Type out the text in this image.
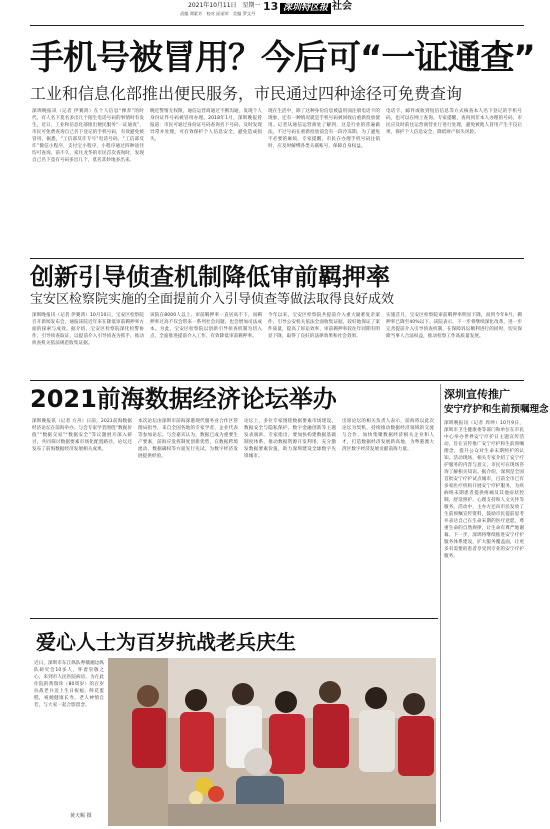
2021年10月11日　星期一
责编 谭素芳　校对 邱丽荣　美编 罗文丹
13 深圳特区报 社会
手机号被冒用？今后可“一证通查”
工业和信息化部推出便民服务，市民通过四种途径可免费查询
深圳晚报讯（记者 伊赛鸿）在个人信息“裸奔”的时代，有人名下莫名多出几个陌生电话号码的事情时有发生。近日，工业和信息化部推出便民服务“一证通查”，市民可免费查询自己名下登记的手机号码，有效避免被冒用。据悉，“工信部反诈专号”电话号码、“工信部反诈”微信小程序，支付宝小程序、小程序通过四种途径均可查询。前不久，家住龙华的市民首次查询时，发现自己名下竟有号码多出几个，莫名其妙地多出来。
晚近警情无权限，通信运营商通过不断沟通，发现个人身份证件号码被冒用办理。2018年1月，深圳晚报曾报道：市民可通过身份证号码查询名下号码，及时发现异常并处理，可有效保护个人信息安全，避免造成损失。
现在生活中，除了这种身份信息被盗用而注册电话卡的现象，还有一种情况就是手机号码被回收后重新投放使用。记者从通信运营商处了解到，这是行业的普遍做法，不过号码在重新投放前会有一段冷冻期。为了避免不必要的麻烦，专家提醒，市民在办理手机号码注销时，应及时解绑各类关联账号，保障自身权益。
电话卡、邮件或收到短信信息等方式核查本人名下登记的手机号码，也可以在网上查询。专家提醒，查询到非本人办理的号码，市民应及时前往运营商营业厅进行处理，避免被他人冒用产生不良后果，保护个人信息安全，降低财产损失风险。
创新引导侦查机制降低审前羁押率
宝安区检察院实施的全面提前介入引导侦查等做法取得良好成效
深圳晚报讯（记者 伊赛鸿）10月10日，宝安区检察院召开新闻发布会，通报该院近年来在降低审前羁押率方面的探索与成效。据介绍，宝安区检察院深化检警协作，引导侦查取证，以提前介入引导侦查为抓手，推动侦查机关依法规范收集证据。
该院在8000人以上、审前羁押率一直居高不下，而羁押率过高不仅会带来一系列社会问题，也会增加司法成本。为此，宝安区检察院以创新引导侦查机制为切入点，全面推进提前介入工作，有效降低审前羁押率。
今年以来，宝安区检察院共提前介入重大疑难复杂案件，引导公安机关依法全面收集证据，较好地保证了案件质量，提高了诉讼效率，审前羁押率较往年同期有明显下降，取得了良好的法律效果和社会效果。
实施首月，宝安区检察院审前羁押率明显下降，而到今年9月，羁押率已降至40%以下。该院表示，下一步将继续深化改革，进一步完善提前介入引导侦查机制，在保障诉讼顺利进行的同时，切实保障当事人合法权益，推动检察工作高质量发展。
2021前海数据经济论坛举办
深圳晚报讯（记者 方舟）日前，2021前海数据经济论坛在前海举办。与会专家学者围绕“数据价值”“数据交易”“数据安全”等议题展开深入研讨，共同探讨数据要素市场化配置路径。论坛还发布了前海数据经济发展相关成果。
本次论坛由深圳市前海深港现代服务业合作区管理局指导，来自全国各地的专家学者、企业代表等参加论坛。与会嘉宾认为，数据已成为重要生产要素，前海应发挥制度创新优势，在数据跨境流动、数据确权等方面先行先试，为数字经济发展提供经验。
论坛上，多位专家围绕数据要素市场建设、数据安全与隐私保护、数字金融创新等主题发表演讲。专家指出，要加快构建数据基础制度体系，推动数据资源开发利用，充分激发数据要素价值，助力深圳建设全球数字先锋城市。
出席论坛的相关负责人表示，前海将以此次论坛为契机，持续推动数据经济领域的交流与合作，加快集聚数据经济相关企业和人才，打造数据经济发展新高地，为粤港澳大湾区数字经济发展贡献前海力量。
深圳宣传推广
安宁疗护和生前预嘱理念
深圳晚报讯（记者 周坤）10月9日，深圳市卫生健康委等部门和单位在市民中心举办世界安宁疗护日主题宣传活动，旨在宣传推广安宁疗护和生前预嘱理念，提升公众对生命末期照护的认知。活动现场，相关专家介绍了安宁疗护服务的内容与意义，市民可在现场咨询了解相关知识。据介绍，深圳是全国首批安宁疗护试点城市，目前全市已有多家医疗机构开展安宁疗护服务，为疾病终末期患者提供疼痛及其他症状控制、舒适照护、心理支持和人文关怀等服务。活动中，主办方还向市民发放了生前预嘱宣传资料，鼓励市民提前思考并表达自己在生命末期的医疗意愿，尊重生命的自然规律，让生命有尊严地谢幕。下一步，深圳将继续推进安宁疗护服务体系建设，扩大服务覆盖面，让更多有需要的患者享受到专业的安宁疗护服务。
爱心人士为百岁抗战老兵庆生
近日，深圳市东江纵队粤赣湘边纵队研究会10多人，怀着崇敬之心，来到市人民医院病房，为在此住院的黄瑞珍（80周岁）的百岁抗战老兵送上生日祝福，鲜花蛋糕，祝她健康长寿。老人神情自若，与大家一起合影留念。
黄天赐 摄
